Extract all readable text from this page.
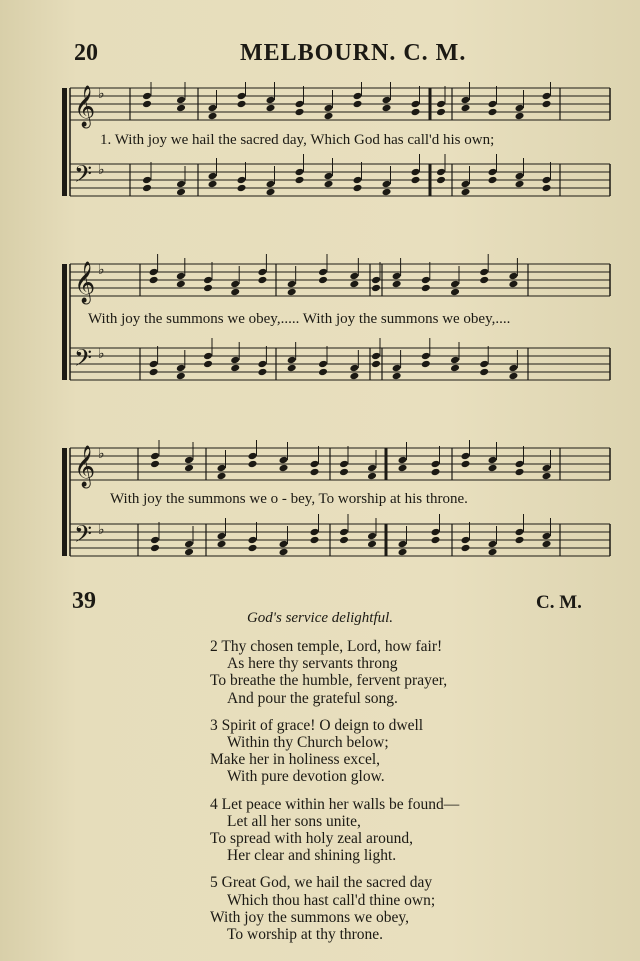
20	MELBOURN. C. M.
𝄞 ♭
𝄢 ♭
1. With joy we hail the sacred day, Which God has call'd his own;
𝄞 ♭
𝄢 ♭
With joy the summons we obey,..... With joy the summons we obey,....
𝄞 ♭
𝄢 ♭
With joy the summons we o - bey, To worship at his throne.
39	C. M.
God's service delightful.
2 Thy chosen temple, Lord, how fair!
As here thy servants throng
To breathe the humble, fervent prayer,
And pour the grateful song.
3 Spirit of grace! O deign to dwell
Within thy Church below;
Make her in holiness excel,
With pure devotion glow.
4 Let peace within her walls be found—
Let all her sons unite,
To spread with holy zeal around,
Her clear and shining light.
5 Great God, we hail the sacred day
Which thou hast call'd thine own;
With joy the summons we obey,
To worship at thy throne.
